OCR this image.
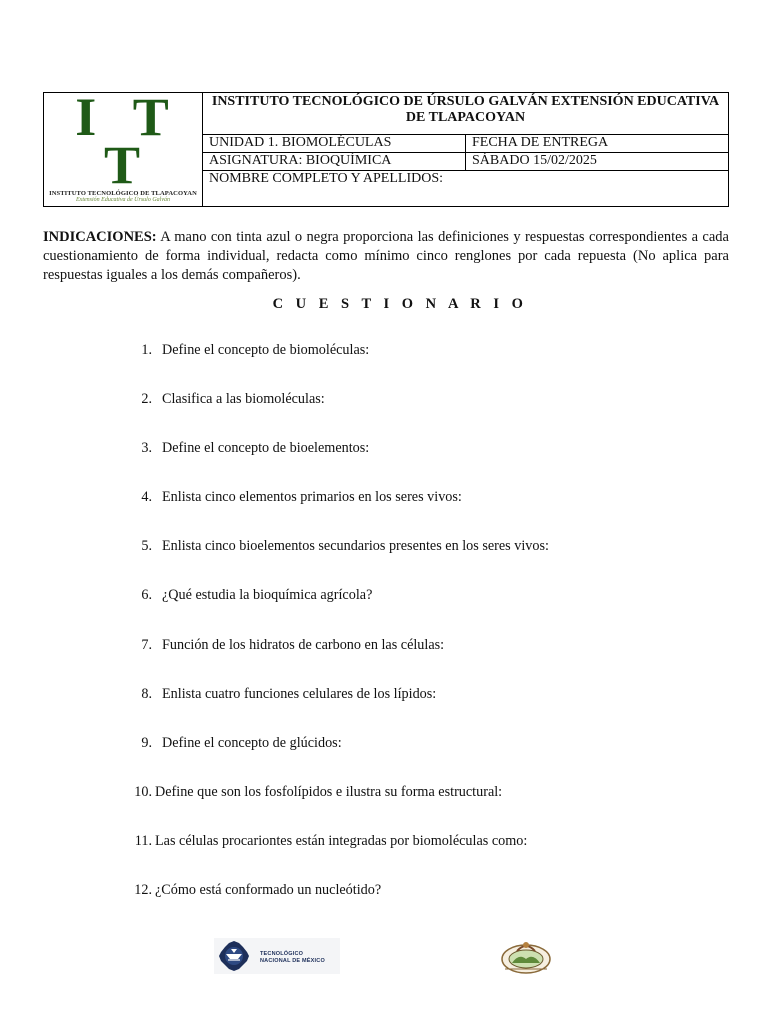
I T T
INSTITUTO TECNOLÓGICO DE TLAPACOYAN
Extensión Educativa de Úrsulo Galván	INSTITUTO TECNOLÓGICO DE ÚRSULO GALVÁN EXTENSIÓN EDUCATIVA DE TLAPACOYAN	
	UNIDAD 1. BIOMOLÉCULAS	FECHA DE ENTREGA
	ASIGNATURA: BIOQUÍMICA	SÁBADO 15/02/2025
	NOMBRE COMPLETO Y APELLIDOS:	

INDICACIONES: A mano con tinta azul o negra proporciona las definiciones y respuestas correspondientes a cada cuestionamiento de forma individual, redacta como mínimo cinco renglones por cada repuesta (No aplica para respuestas iguales a los demás compañeros).

C U E S T I O N A R I O
1. Define el concepto de biomoléculas:
2. Clasifica a las biomoléculas:
3. Define el concepto de bioelementos:
4. Enlista cinco elementos primarios en los seres vivos:
5. Enlista cinco bioelementos secundarios presentes en los seres vivos:
6. ¿Qué estudia la bioquímica agrícola?
7. Función de los hidratos de carbono en las células:
8. Enlista cuatro funciones celulares de los lípidos:
9. Define el concepto de glúcidos:
10. Define que son los fosfolípidos e ilustra su forma estructural:
11. Las células procariontes están integradas por biomoléculas como:
12. ¿Cómo está conformado un nucleótido?
TECNOLÓGICO
NACIONAL DE MÉXICO
